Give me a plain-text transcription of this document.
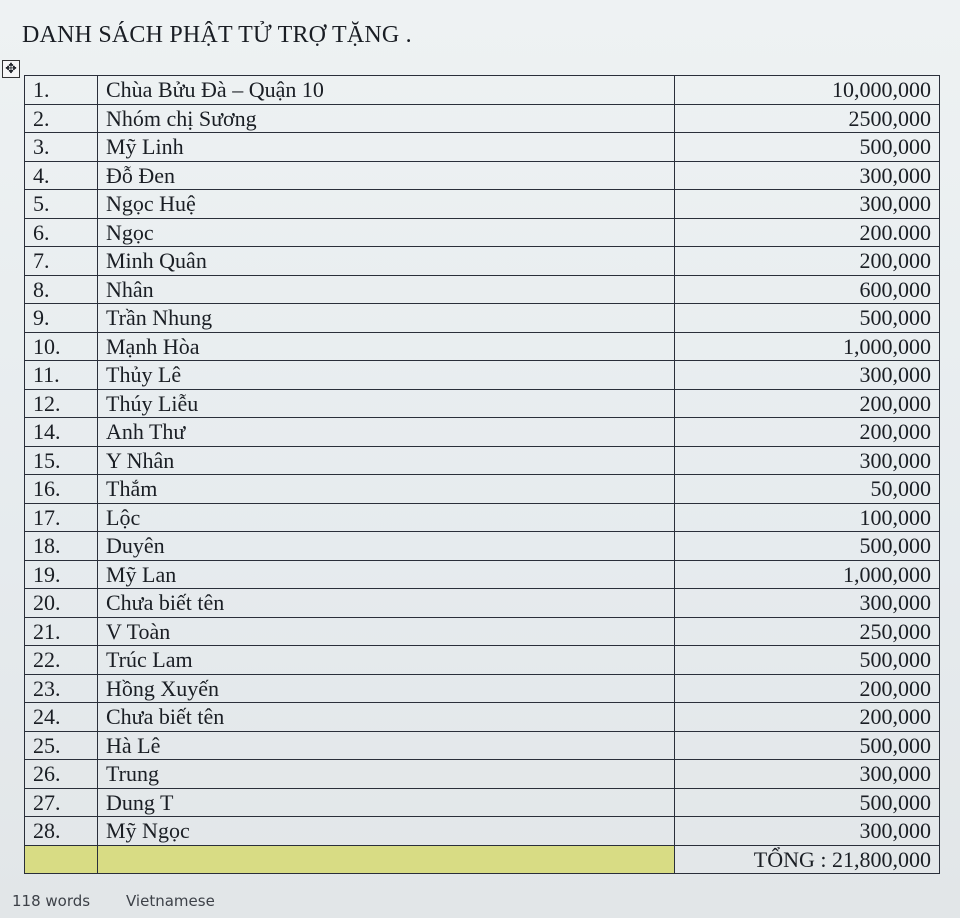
DANH SÁCH PHẬT TỬ TRỢ TẶNG .
✥
1.	Chùa Bửu Đà – Quận 10	10,000,000
2.	Nhóm chị Sương	2500,000
3.	Mỹ Linh	500,000
4.	Đỗ Đen	300,000
5.	Ngọc Huệ	300,000
6.	Ngọc	200.000
7.	Minh Quân	200,000
8.	Nhân	600,000
9.	Trần Nhung	500,000
10.	Mạnh Hòa	1,000,000
11.	Thủy Lê	300,000
12.	Thúy Liễu	200,000
14.	Anh Thư	200,000
15.	Y Nhân	300,000
16.	Thắm	50,000
17.	Lộc	100,000
18.	Duyên	500,000
19.	Mỹ Lan	1,000,000
20.	Chưa biết tên	300,000
21.	V Toàn	250,000
22.	Trúc Lam	500,000
23.	Hồng Xuyến	200,000
24.	Chưa biết tên	200,000
25.	Hà Lê	500,000
26.	Trung	300,000
27.	Dung T	500,000
28.	Mỹ Ngọc	300,000
		TỔNG : 21,800,000
118 words Vietnamese
